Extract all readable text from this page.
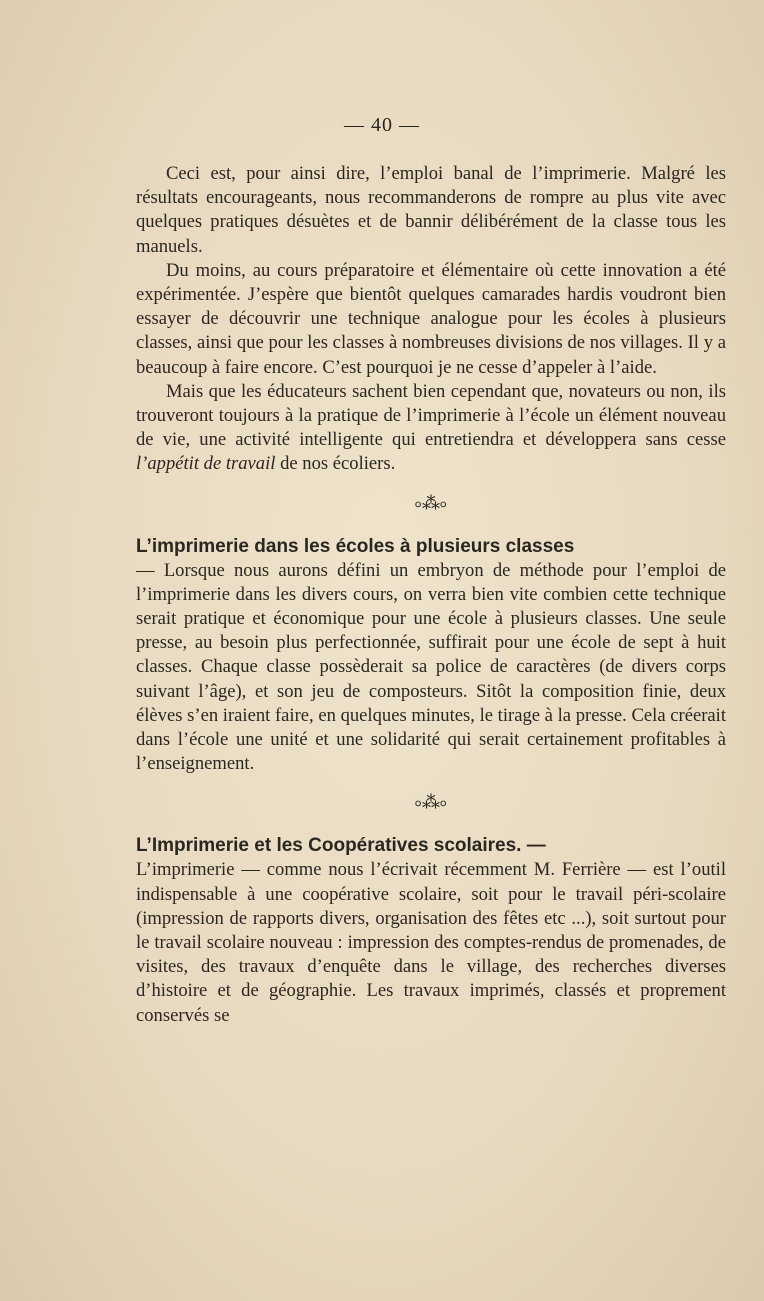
— 40 —

Ceci est, pour ainsi dire, l’emploi banal de l’imprimerie. Malgré les résultats encourageants, nous recommanderons de rompre au plus vite avec quelques pratiques désuètes et de bannir délibérément de la classe tous les manuels.

Du moins, au cours préparatoire et élémentaire où cette innovation a été expérimentée. J’espère que bientôt quelques camarades hardis voudront bien essayer de découvrir une technique analogue pour les écoles à plusieurs classes, ainsi que pour les classes à nombreuses divisions de nos villages. Il y a beaucoup à faire encore. C’est pourquoi je ne cesse d’appeler à l’aide.

Mais que les éducateurs sachent bien cependant que, novateurs ou non, ils trouveront toujours à la pratique de l’imprimerie à l’école un élément nouveau de vie, une activité intelligente qui entretiendra et développera sans cesse l’appétit de travail de nos écoliers.

৹⁂৹

L’imprimerie dans les écoles à plusieurs classes

— Lorsque nous aurons défini un embryon de méthode pour l’emploi de l’imprimerie dans les divers cours, on verra bien vite combien cette technique serait pratique et économique pour une école à plusieurs classes. Une seule presse, au besoin plus perfectionnée, suffirait pour une école de sept à huit classes. Chaque classe possèderait sa police de caractères (de divers corps suivant l’âge), et son jeu de composteurs. Sitôt la composition finie, deux élèves s’en iraient faire, en quelques minutes, le tirage à la presse. Cela créerait dans l’école une unité et une solidarité qui serait certainement profitables à l’enseignement.

৹⁂৹

L’Imprimerie et les Coopératives scolaires. —

L’imprimerie — comme nous l’écrivait récemment M. Ferrière — est l’outil indispensable à une coopérative scolaire, soit pour le travail péri-scolaire (impression de rapports divers, organisation des fêtes etc ...), soit surtout pour le travail scolaire nouveau : impression des comptes-rendus de promenades, de visites, des travaux d’enquête dans le village, des recherches diverses d’histoire et de géographie. Les travaux imprimés, classés et proprement conservés se
